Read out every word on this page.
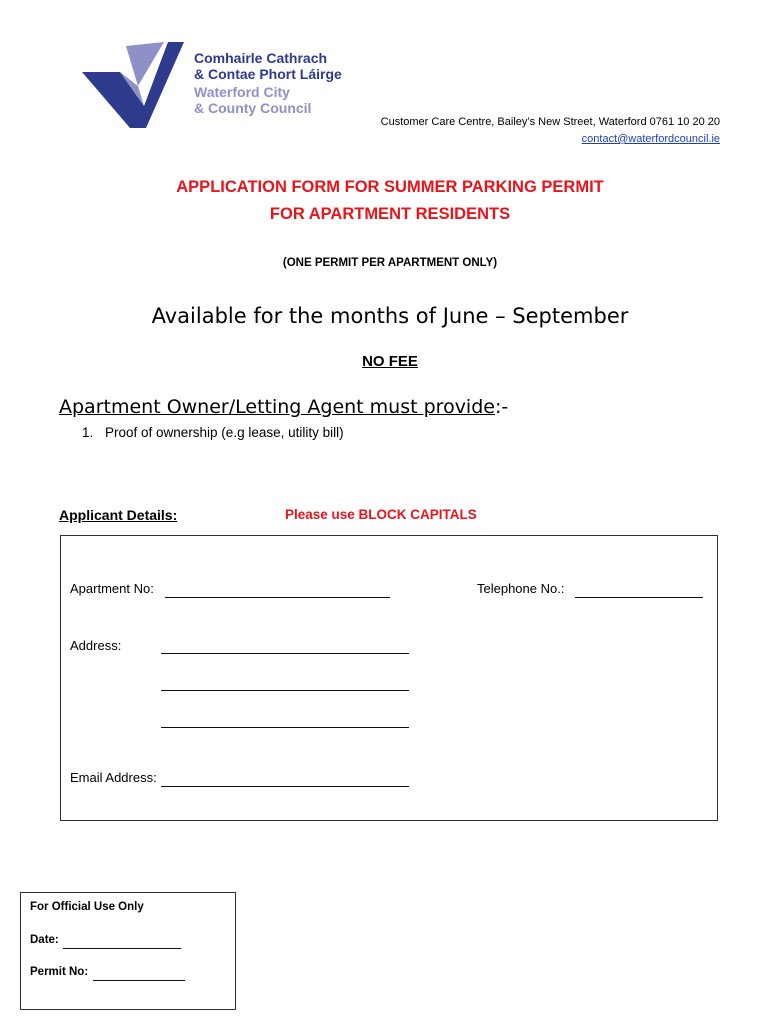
Comhairle Cathrach
& Contae Phort Láirge
Waterford City
& County Council
Customer Care Centre, Bailey’s New Street, Waterford 0761 10 20 20
contact@waterfordcouncil.ie
APPLICATION FORM FOR SUMMER PARKING PERMIT
FOR APARTMENT RESIDENTS
(ONE PERMIT PER APARTMENT ONLY)
Available for the months of June – September
NO FEE
Apartment Owner/Letting Agent must provide:-
1. Proof of ownership (e.g lease, utility bill)
Applicant Details:	Please use BLOCK CAPITALS
Apartment No:	Telephone No.:
Address:
Email Address:
For Official Use Only
Date:
Permit No:
